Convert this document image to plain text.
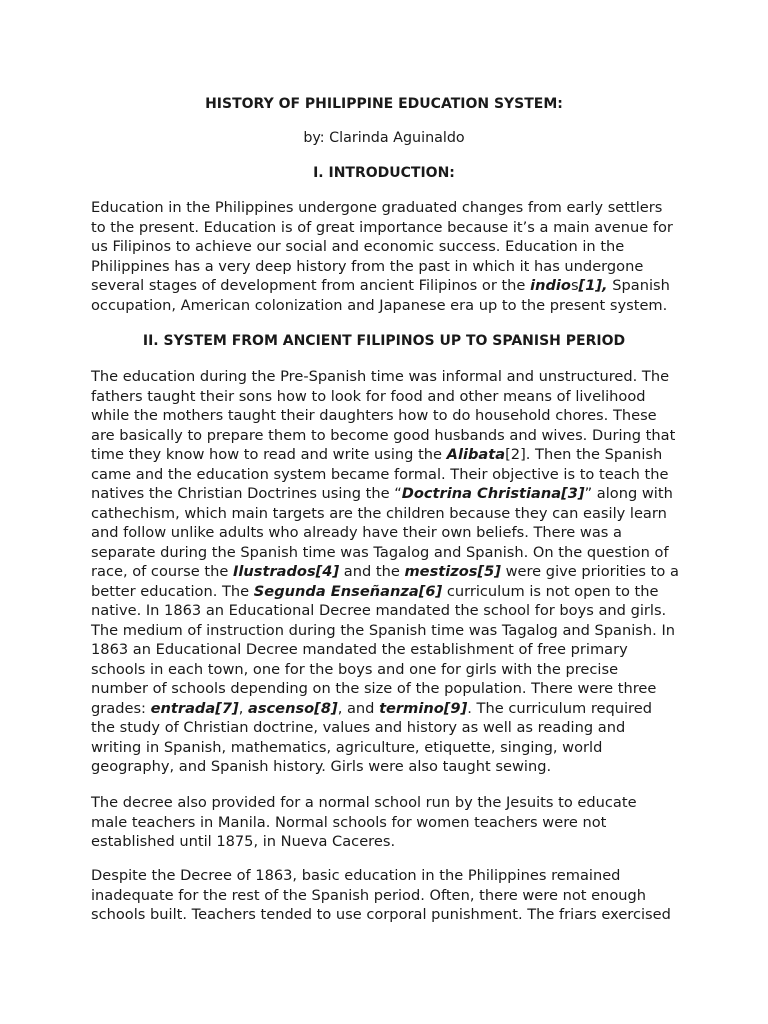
HISTORY OF PHILIPPINE EDUCATION SYSTEM:
by: Clarinda Aguinaldo
I. INTRODUCTION:
Education in the Philippines undergone graduated changes from early settlers
to the present. Education is of great importance because it’s a main avenue for
us Filipinos to achieve our social and economic success. Education in the
Philippines has a very deep history from the past in which it has undergone
several stages of development from ancient Filipinos or the indios[1], Spanish
occupation, American colonization and Japanese era up to the present system.
II. SYSTEM FROM ANCIENT FILIPINOS UP TO SPANISH PERIOD
The education during the Pre-Spanish time was informal and unstructured. The
fathers taught their sons how to look for food and other means of livelihood
while the mothers taught their daughters how to do household chores. These
are basically to prepare them to become good husbands and wives. During that
time they know how to read and write using the Alibata[2]. Then the Spanish
came and the education system became formal. Their objective is to teach the
natives the Christian Doctrines using the “Doctrina Christiana[3]” along with
cathechism, which main targets are the children because they can easily learn
and follow unlike adults who already have their own beliefs. There was a
separate during the Spanish time was Tagalog and Spanish. On the question of
race, of course the Ilustrados[4] and the mestizos[5] were give priorities to a
better education. The Segunda Enseñanza[6] curriculum is not open to the
native. In 1863 an Educational Decree mandated the school for boys and girls.
The medium of instruction during the Spanish time was Tagalog and Spanish. In
1863 an Educational Decree mandated the establishment of free primary
schools in each town, one for the boys and one for girls with the precise
number of schools depending on the size of the population. There were three
grades: entrada[7], ascenso[8], and termino[9]. The curriculum required
the study of Christian doctrine, values and history as well as reading and
writing in Spanish, mathematics, agriculture, etiquette, singing, world
geography, and Spanish history. Girls were also taught sewing.
The decree also provided for a normal school run by the Jesuits to educate
male teachers in Manila. Normal schools for women teachers were not
established until 1875, in Nueva Caceres.
Despite the Decree of 1863, basic education in the Philippines remained
inadequate for the rest of the Spanish period. Often, there were not enough
schools built. Teachers tended to use corporal punishment. The friars exercised
